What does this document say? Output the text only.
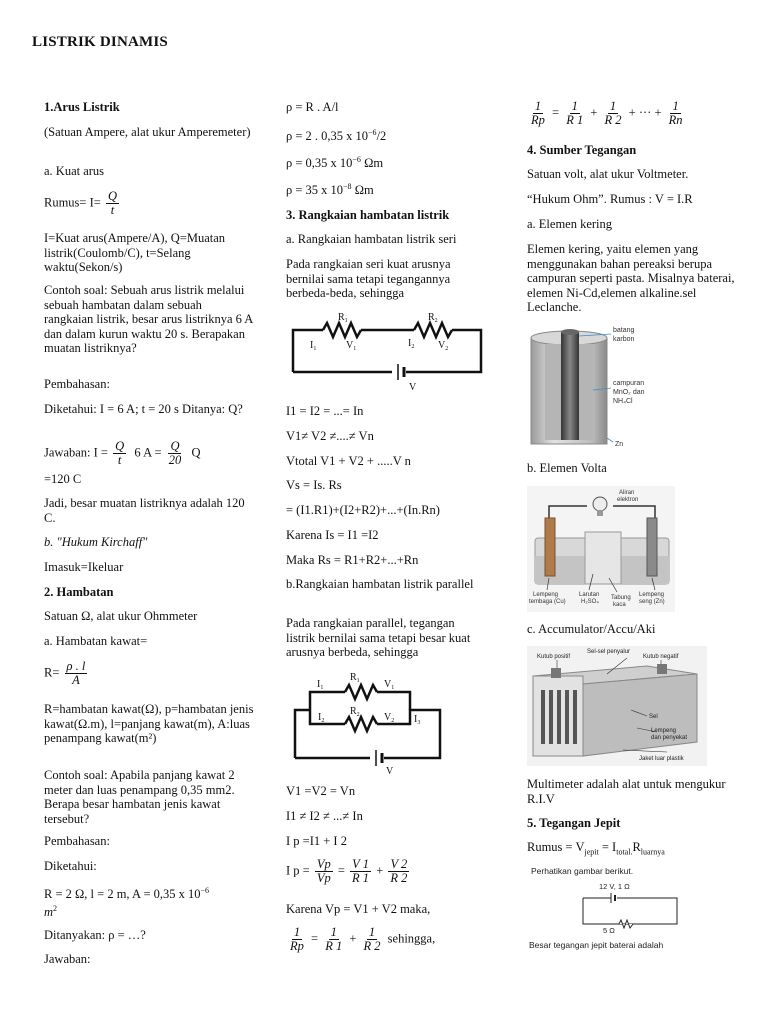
LISTRIK DINAMIS
1.Arus Listrik
(Satuan Ampere, alat ukur Amperemeter)
a. Kuat arus
Rumus= $I= \frac{Q}{t}$
I=Kuat arus(Ampere/A), Q=Muatan listrik(Coulomb/C), t=Selang waktu(Sekon/s)
Contoh soal: Sebuah arus listrik melalui sebuah hambatan dalam sebuah rangkaian listrik, besar arus listriknya 6 A dan dalam kurun waktu 20 s. Berapakan muatan listriknya?
Pembahasan:
Diketahui: I = 6 A; t = 20 s Ditanya: Q?
Jawaban: $I = \frac{Q}{t} 6$ $A = \frac{Q}{20}$ Q
=120 C
Jadi, besar muatan listriknya adalah 120 C.
b. "Hukum Kirchaff"
Imasuk=Ikeluar
2. Hambatan
Satuan Ω, alat ukur Ohmmeter
a. Hambatan kawat=
$R= \frac{\rho . l}{A}$
R=hambatan kawat(Ω), p=hambatan jenis kawat(Ω.m), l=panjang kawat(m), A:luas penampang kawat(m²)
Contoh soal: Apabila panjang kawat 2 meter dan luas penampang 0,35 mm2. Berapa besar hambatan jenis kawat tersebut?
Pembahasan:
Diketahui:
R = 2 Ω, l = 2 m, A = 0,35 x $10^{-6}$
$m^2$
Ditanyakan: ρ = …?
Jawaban:
ρ = R . A/l
ρ = 2 . 0,35 x $10^{-6}/2$
ρ = 0,35 x $10^{-6}$ Ωm
ρ = 35 x $10^{-8}$ Ωm
3. Rangkaian hambatan listrik
a. Rangkaian hambatan listrik seri
Pada rangkaian seri kuat arusnya bernilai sama tetapi tegangannya berbeda-beda, sehingga
$R_1$	$R_2$
$I_1$	$V_1$	$I_2$ $V_2$
V
I1 = I2 = ...= In
V1≠ V2 ≠....≠ Vn
Vtotal V1 + V2 + .....V n
Vs = Is. Rs
= (I1.R1)+(I2+R2)+...+(In.Rn)
Karena Is = I1 =I2
Maka Rs = R1+R2+...+Rn
b.Rangkaian hambatan listrik parallel
Pada rangkaian parallel, tegangan listrik bernilai sama tetapi besar kuat arusnya berbeda, sehingga
$I_1$
$R_1$ $V_1$
$I_2$
$R_2$ $V_2$ $I_3$
V
V1 =V2 = Vn
I1 ≠ I2 ≠ ...≠ In
I p =I1 + I 2
I $p = \frac{Vp}{Vp} = \frac{V 1}{R 1} + \frac{V 2}{R 2}$
Karena Vp = V1 + V2 maka,
$\frac{1}{Rp} = \frac{1}{R 1} + \frac{1}{R 2}$ sehingga,
$\frac{1}{Rp} = \frac{1}{R 1} + \frac{1}{R 2}$ + ··· + $\frac{1}{Rn}$
4. Sumber Tegangan
Satuan volt, alat ukur Voltmeter.
“Hukum Ohm”. Rumus : V = I.R
a. Elemen kering
Elemen kering, yaitu elemen yang menggunakan bahan pereaksi berupa campuran seperti pasta. Misalnya baterai, elemen Ni-Cd,elemen alkaline.sel Leclanche.
batang
karbon
campuran
MnO₂ dan
NH₄Cl
Zn
b. Elemen Volta
Aliran
elektron
Lempeng
tembaga (Cu)
Larutan
H₂SO₄
Tabung
kaca
Lempeng
seng (Zn)
c. Accumulator/Accu/Aki
Sel-sel penyalur
Kutub positif	Kutub negatif
Sel
Lempeng
dan penyekat
Jaket luar plastik
Multimeter adalah alat untuk mengukur R.I.V
5. Tegangan Jepit
Rumus = $V_{jepit} = I_{total.}R_{luarnya}$
Perhatikan gambar berikut.
12 V, 1 Ω
5 Ω
Besar tegangan jepit baterai adalah
